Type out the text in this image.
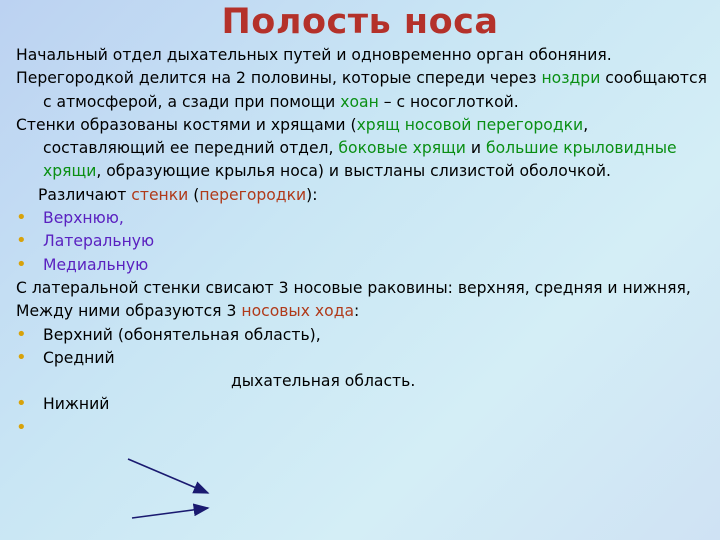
Полость носа

Начальный отдел дыхательных путей и одновременно орган обоняния.

Перегородкой делится на 2 половины, которые спереди через ноздри сообщаются с атмосферой, а сзади при помощи хоан – с носоглоткой.

Стенки образованы костями и хрящами (хрящ носовой перегородки, составляющий ее передний отдел, боковые хрящи и большие крыловидные хрящи, образующие крылья носа) и выстланы слизистой оболочкой.

Различают стенки (перегородки):

• Верхнюю,

• Латеральную

• Медиальную

С латеральной стенки свисают 3 носовые раковины: верхняя, средняя и нижняя,

Между ними образуются 3 носовых хода:

• Верхний (обонятельная область),

• Средний

дыхательная область.

• Нижний

•
